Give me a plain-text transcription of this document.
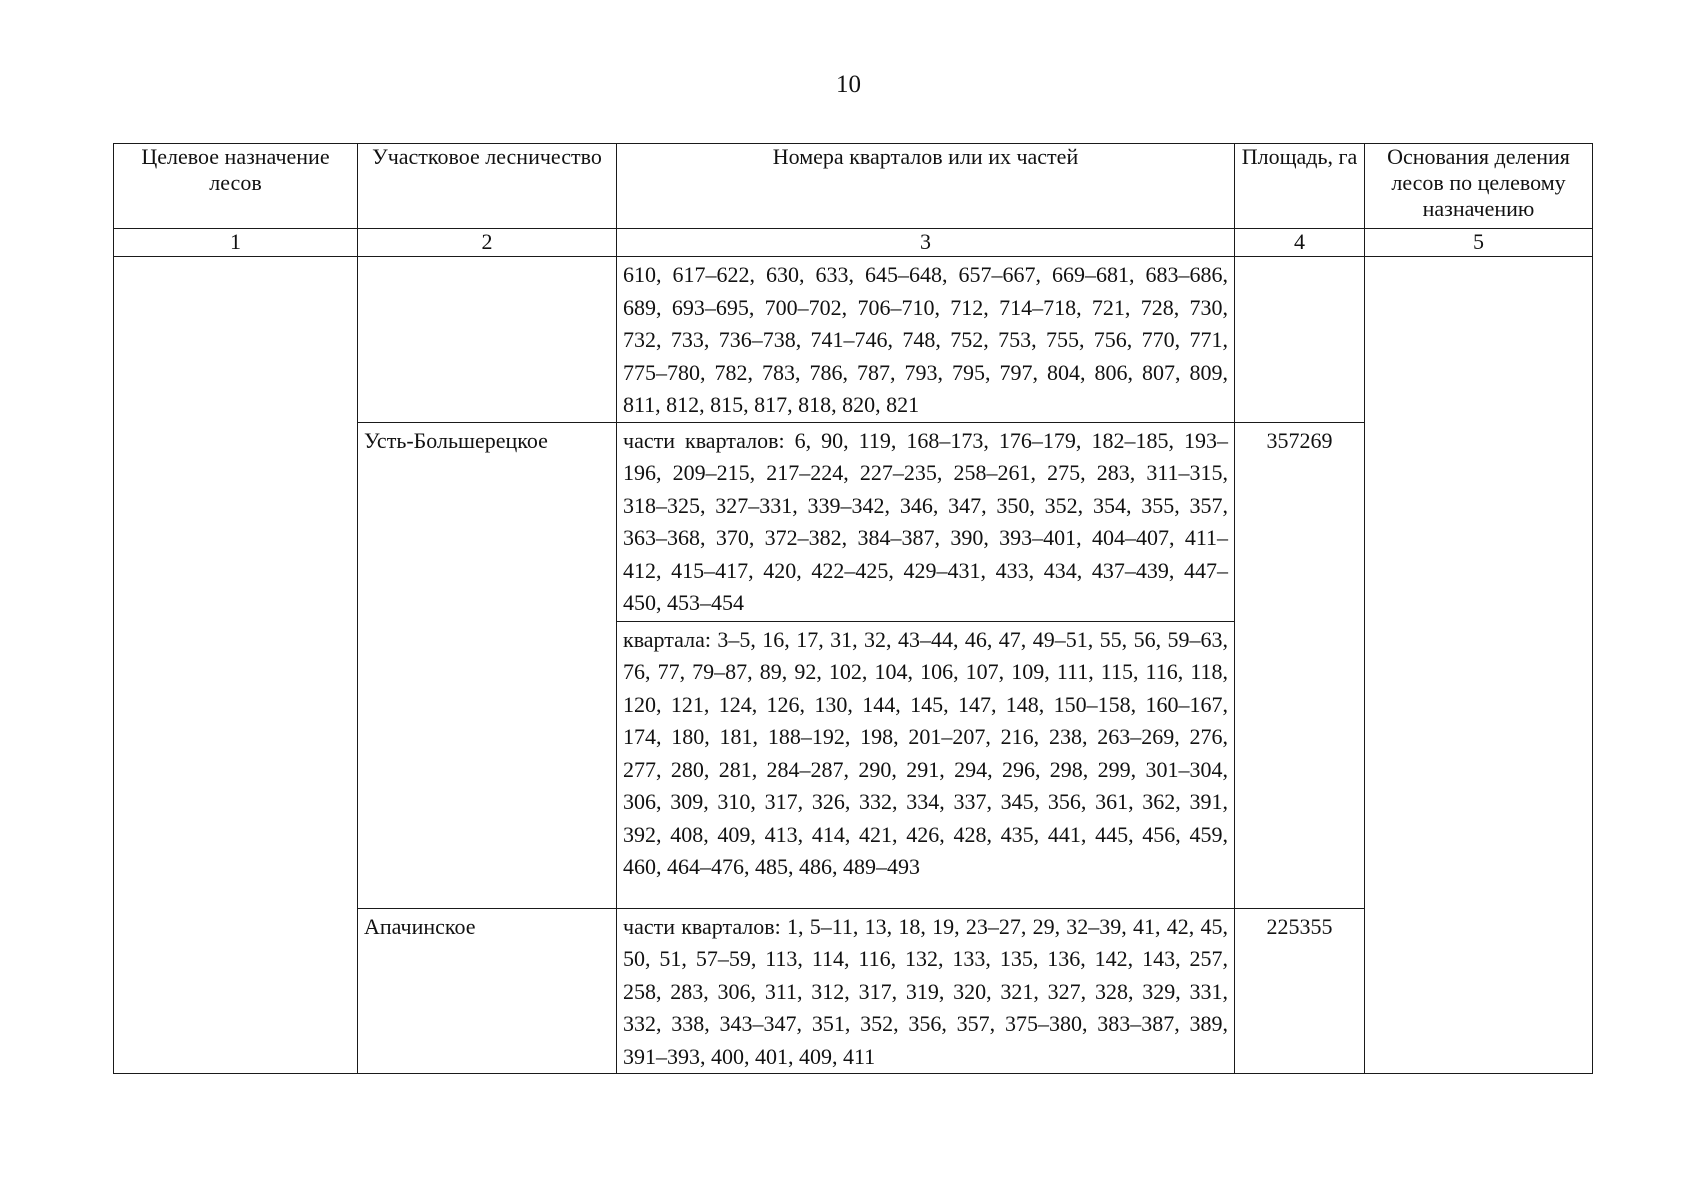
10
Целевое назначение лесов	Участковое лесничество	Номера кварталов или их частей	Площадь, га	Основания деления лесов по целевому назначению
1	2	3	4	5

		610, 617–622, 630, 633, 645–648, 657–667, 669–681, 683–686, 689, 693–695, 700–702, 706–710, 712, 714–718, 721, 728, 730, 732, 733, 736–738, 741–746, 748, 752, 753, 755, 756, 770, 771, 775–780, 782, 783, 786, 787, 793, 795, 797, 804, 806, 807, 809, 811, 812, 815, 817, 818, 820, 821		

	Усть-Большерецкое	части кварталов: 6, 90, 119, 168–173, 176–179, 182–185, 193–196, 209–215, 217–224, 227–235, 258–261, 275, 283, 311–315, 318–325, 327–331, 339–342, 346, 347, 350, 352, 354, 355, 357, 363–368, 370, 372–382, 384–387, 390, 393–401, 404–407, 411–412, 415–417, 420, 422–425, 429–431, 433, 434, 437–439, 447–450, 453–454	357269	

		квартала: 3–5, 16, 17, 31, 32, 43–44, 46, 47, 49–51, 55, 56, 59–63, 76, 77, 79–87, 89, 92, 102, 104, 106, 107, 109, 111, 115, 116, 118, 120, 121, 124, 126, 130, 144, 145, 147, 148, 150–158, 160–167, 174, 180, 181, 188–192, 198, 201–207, 216, 238, 263–269, 276, 277, 280, 281, 284–287, 290, 291, 294, 296, 298, 299, 301–304, 306, 309, 310, 317, 326, 332, 334, 337, 345, 356, 361, 362, 391, 392, 408, 409, 413, 414, 421, 426, 428, 435, 441, 445, 456, 459, 460, 464–476, 485, 486, 489–493		

	Апачинское	части кварталов: 1, 5–11, 13, 18, 19, 23–27, 29, 32–39, 41, 42, 45, 50, 51, 57–59, 113, 114, 116, 132, 133, 135, 136, 142, 143, 257, 258, 283, 306, 311, 312, 317, 319, 320, 321, 327, 328, 329, 331, 332, 338, 343–347, 351, 352, 356, 357, 375–380, 383–387, 389, 391–393, 400, 401, 409, 411	225355	
